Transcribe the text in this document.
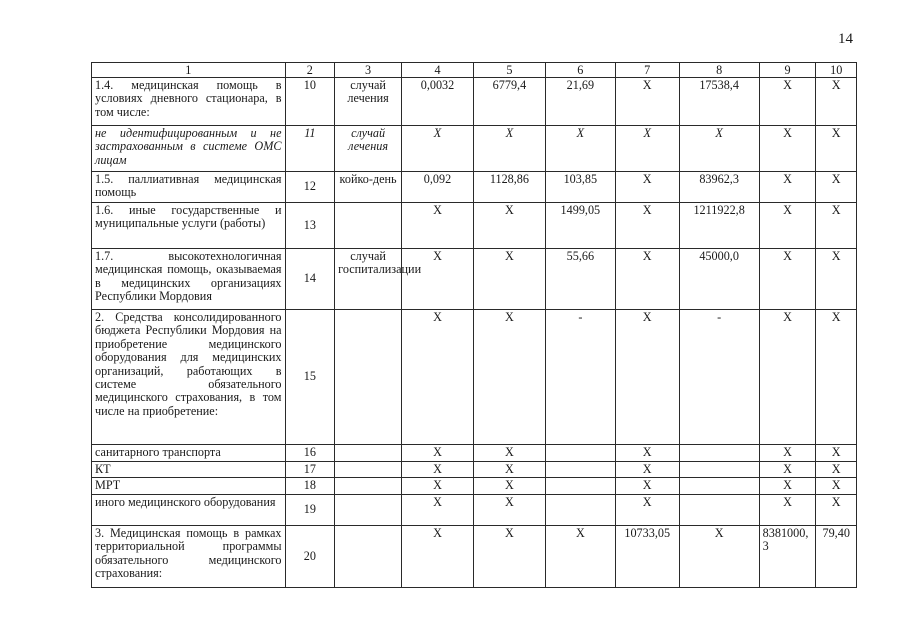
14
1	2	3	4	5	6	7	8	9	10
1.4. медицинская помощь в условиях дневного стационара, в том числе:	10	случай лечения	0,0032	6779,4	21,69	X	17538,4	X	X
не идентифицированным и не застрахованным в системе ОМС лицам	11	случай лечения	X	X	X	X	X	X	X
1.5. паллиативная медицинская помощь	12	койко-день	0,092	1128,86	103,85	X	83962,3	X	X
1.6. иные государственные и муниципальные услуги (работы)	13		X	X	1499,05	X	1211922,8	X	X
1.7. высокотехнологичная медицинская помощь, оказываемая в медицинских организациях Республики Мордовия	14	случай госпитализации	X	X	55,66	X	45000,0	X	X
2. Средства консолидированного бюджета Республики Мордовия на приобретение медицинского оборудования для медицинских организаций, работающих в системе обязательного медицинского страхования, в том числе на приобретение:	15		X	X	-	X	-	X	X
санитарного транспорта	16		X	X		X		X	X
КТ	17		X	X		X		X	X
МРТ	18		X	X		X		X	X
иного медицинского оборудования	19		X	X		X		X	X
3. Медицинская помощь в рамках территориальной программы обязательного медицинского страхования:	20		X	X	X	10733,05	X	8381000,3	79,40
